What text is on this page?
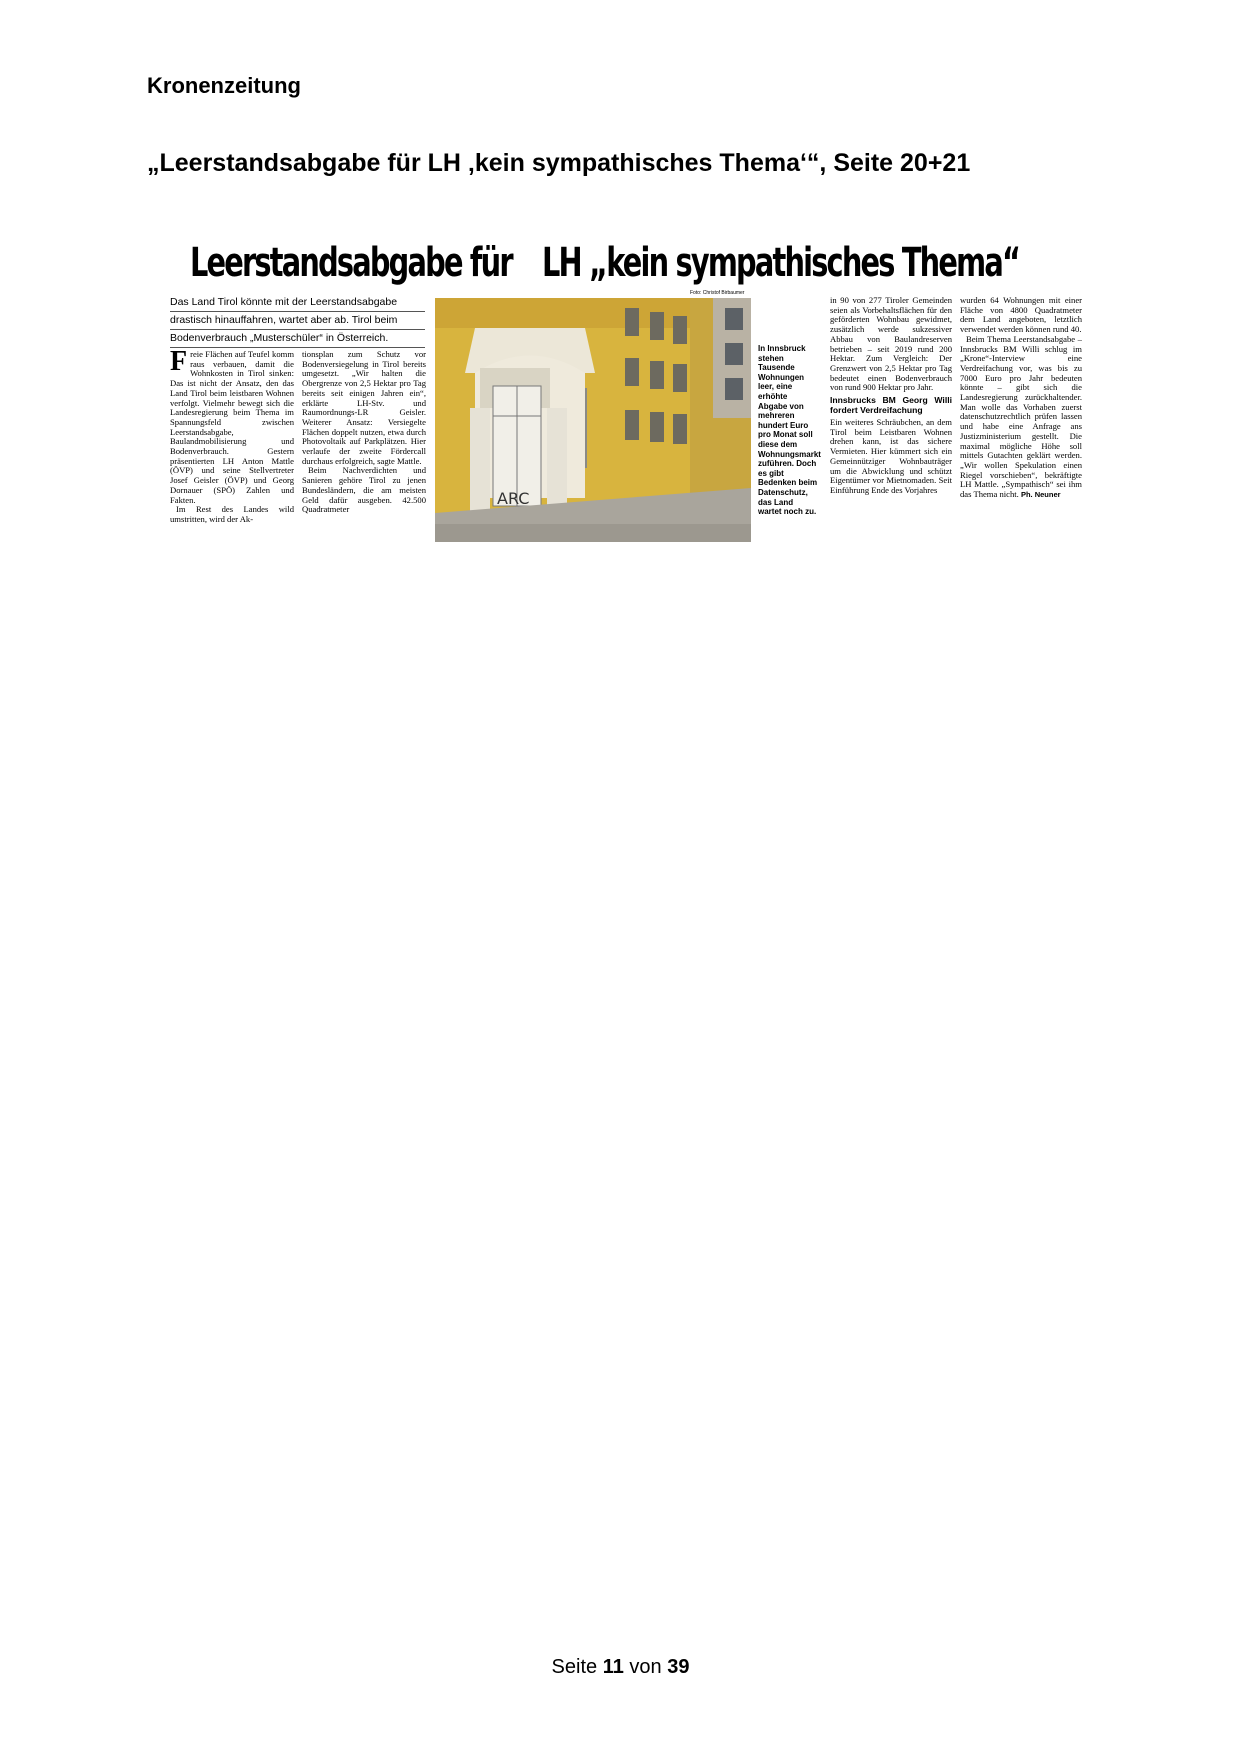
Kronenzeitung
„Leerstandsabgabe für LH ‚kein sympathisches Thema‘“, Seite 20+21
Leerstandsabgabe für LH „kein sympathisches Thema“
Das Land Tirol könnte mit der Leerstandsabgabe
drastisch hinauffahren, wartet aber ab. Tirol beim
Bodenverbrauch „Musterschüler“ in Österreich.

Freie Flächen auf Teufel komm raus verbauen, damit die Wohnkosten in Tirol sinken: Das ist nicht der Ansatz, den das Land Tirol beim leistbaren Wohnen verfolgt. Vielmehr bewegt sich die Landesregierung beim Thema im Spannungsfeld zwischen Leerstandsabgabe, Baulandmobilisierung und Bodenverbrauch. Gestern präsentierten LH Anton Mattle (ÖVP) und seine Stellvertreter Josef Geisler (ÖVP) und Georg Dornauer (SPÖ) Zahlen und Fakten.

Im Rest des Landes wild umstritten, wird der Ak-

tionsplan zum Schutz vor Bodenversiegelung in Tirol bereits umgesetzt. „Wir halten die Obergrenze von 2,5 Hektar pro Tag bereits seit einigen Jahren ein“, erklärte LH-Stv. und Raumordnungs-LR Geisler. Weiterer Ansatz: Versiegelte Flächen doppelt nutzen, etwa durch Photovoltaik auf Parkplätzen. Hier verlaufe der zweite Fördercall durchaus erfolgreich, sagte Mattle.

Beim Nachverdichten und Sanieren gehöre Tirol zu jenen Bundesländern, die am meisten Geld dafür ausgeben. 42.500 Quadratmeter

ARC
Foto: Christof Birbaumer
In Innsbruck stehen Tausende Wohnungen leer, eine erhöhte Abgabe von mehreren hundert Euro pro Monat soll diese dem Wohnungsmarkt zuführen. Doch es gibt Bedenken beim Datenschutz, das Land wartet noch zu.

in 90 von 277 Tiroler Gemeinden seien als Vorbehaltsflächen für den geförderten Wohnbau gewidmet, zusätzlich werde sukzessiver Abbau von Baulandreserven betrieben – seit 2019 rund 200 Hektar. Zum Vergleich: Der Grenzwert von 2,5 Hektar pro Tag bedeutet einen Bodenverbrauch von rund 900 Hektar pro Jahr.

Innsbrucks BM Georg Willi fordert Verdreifachung

Ein weiteres Schräubchen, an dem Tirol beim Leistbaren Wohnen drehen kann, ist das sichere Vermieten. Hier kümmert sich ein Gemeinnütziger Wohnbauträger um die Abwicklung und schützt Eigentümer vor Mietnomaden. Seit Einführung Ende des Vorjahres

wurden 64 Wohnungen mit einer Fläche von 4800 Quadratmeter dem Land angeboten, letztlich verwendet werden können rund 40.

Beim Thema Leerstandsabgabe – Innsbrucks BM Willi schlug im „Krone“-Interview eine Verdreifachung vor, was bis zu 7000 Euro pro Jahr bedeuten könnte – gibt sich die Landesregierung zurückhaltender. Man wolle das Vorhaben zuerst datenschutzrechtlich prüfen lassen und habe eine Anfrage ans Justizministerium gestellt. Die maximal mögliche Höhe soll mittels Gutachten geklärt werden. „Wir wollen Spekulation einen Riegel vorschieben“, bekräftigte LH Mattle. „Sympathisch“ sei ihm das Thema nicht. Ph. Neuner

Seite 11 von 39
